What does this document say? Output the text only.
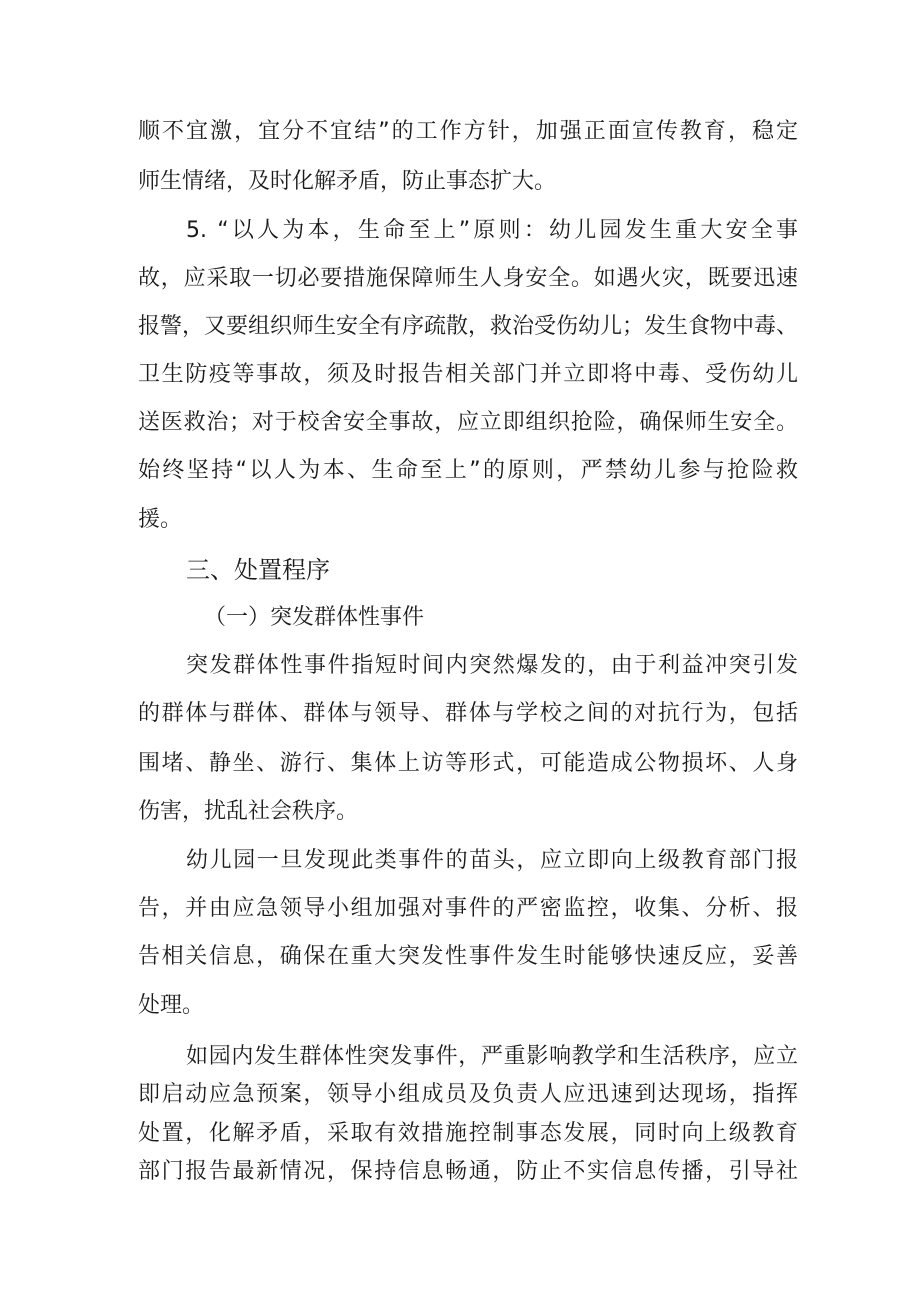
顺不宜激，宜分不宜结”的工作方针，加强正面宣传教育，稳定
师生情绪，及时化解矛盾，防止事态扩大。
5. “以人为本，生命至上”原则：幼儿园发生重大安全事
故，应采取一切必要措施保障师生人身安全。如遇火灾，既要迅速
报警，又要组织师生安全有序疏散，救治受伤幼儿；发生食物中毒、
卫生防疫等事故，须及时报告相关部门并立即将中毒、受伤幼儿
送医救治；对于校舍安全事故，应立即组织抢险，确保师生安全。
始终坚持“以人为本、生命至上”的原则，严禁幼儿参与抢险救
援。
三、处置程序
（一）突发群体性事件
突发群体性事件指短时间内突然爆发的，由于利益冲突引发
的群体与群体、群体与领导、群体与学校之间的对抗行为，包括
围堵、静坐、游行、集体上访等形式，可能造成公物损坏、人身
伤害，扰乱社会秩序。
幼儿园一旦发现此类事件的苗头，应立即向上级教育部门报
告，并由应急领导小组加强对事件的严密监控，收集、分析、报
告相关信息，确保在重大突发性事件发生时能够快速反应，妥善
处理。
如园内发生群体性突发事件，严重影响教学和生活秩序，应立
即启动应急预案，领导小组成员及负责人应迅速到达现场，指挥
处置，化解矛盾，采取有效措施控制事态发展，同时向上级教育
部门报告最新情况，保持信息畅通，防止不实信息传播，引导社
